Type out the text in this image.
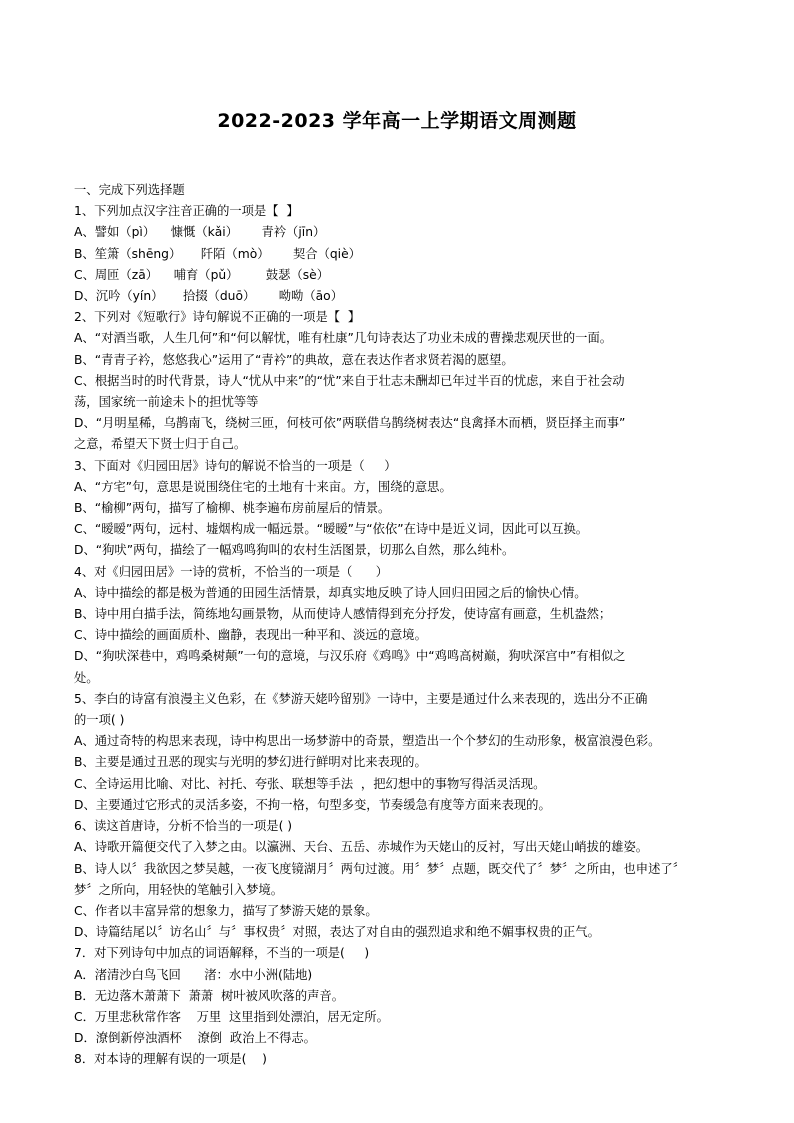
2022-2023 学年高一上学期语文周测题
一、完成下列选择题
1、下列加点汉字注音正确的一项是【  】
A、譬如（pì）    慷慨（kǎi）      青衿（jīn）
B、笙箫（shēng）     阡陌（mò）      契合（qiè）
C、周匝（zā）    哺育（pǔ）       鼓瑟（sè）
D、沉吟（yín）     拾掇（duō）      呦呦（āo）
2、下列对《短歌行》诗句解说不正确的一项是【  】
A、“对酒当歌，人生几何”和“何以解忧，唯有杜康”几句诗表达了功业未成的曹操悲观厌世的一面。
B、“青青子衿，悠悠我心”运用了“青衿”的典故，意在表达作者求贤若渴的愿望。
C、根据当时的时代背景，诗人“忧从中来”的“忧”来自于壮志未酬却已年过半百的忧虑，来自于社会动
荡，国家统一前途未卜的担忧等等
D、“月明星稀，乌鹊南飞，绕树三匝，何枝可依”两联借乌鹊绕树表达“良禽择木而栖，贤臣择主而事”
之意，希望天下贤士归于自己。
3、下面对《归园田居》诗句的解说不恰当的一项是（     ）
A、“方宅”句，意思是说围绕住宅的土地有十来亩。方，围绕的意思。
B、“榆柳”两句，描写了榆柳、桃李遍布房前屋后的情景。
C、“暧暧”两句，远村、墟烟构成一幅远景。“暧暧”与“依依”在诗中是近义词，因此可以互换。
D、“狗吠”两句，描绘了一幅鸡鸣狗叫的农村生活图景，切那么自然，那么纯朴。
4、对《归园田居》一诗的赏析，不恰当的一项是（      ）
A、诗中描绘的都是极为普通的田园生活情景，却真实地反映了诗人回归田园之后的愉快心情。
B、诗中用白描手法，简练地勾画景物，从而使诗人感情得到充分抒发，使诗富有画意，生机盎然；
C、诗中描绘的画面质朴、幽静，表现出一种平和、淡远的意境。
D、“狗吠深巷中，鸡鸣桑树颠”一句的意境，与汉乐府《鸡鸣》中“鸡鸣高树巅，狗吠深宫中”有相似之
处。
5、李白的诗富有浪漫主义色彩，在《梦游天姥吟留别》一诗中，主要是通过什么来表现的，选出分不正确
的一项( )
A、通过奇特的构思来表现，诗中构思出一场梦游中的奇景，塑造出一个个梦幻的生动形象，极富浪漫色彩。
B、主要是通过丑恶的现实与光明的梦幻进行鲜明对比来表现的。
C、全诗运用比喻、对比、衬托、夸张、联想等手法  ，把幻想中的事物写得活灵活现。
D、主要通过它形式的灵活多姿，不拘一格，句型多变，节奏缓急有度等方面来表现的。
6、读这首唐诗，分析不恰当的一项是( )
A、诗歌开篇便交代了入梦之由。以瀛洲、天台、五岳、赤城作为天姥山的反衬，写出天姥山峭拔的雄姿。
B、诗人以〞我欲因之梦吴越，一夜飞度镜湖月〞两句过渡。用〞梦〞点题，既交代了〞梦〞之所由，也申述了〞
梦〞之所向，用轻快的笔触引入梦境。
C、作者以丰富异常的想象力，描写了梦游天姥的景象。
D、诗篇结尾以〞访名山〞与〞事权贵〞对照，表达了对自由的强烈追求和绝不媚事权贵的正气。
7．对下列诗句中加点的词语解释，不当的一项是(     )
A．渚清沙白鸟飞回      渚：水中小洲(陆地)
B．无边落木萧萧下  萧萧  树叶被风吹落的声音。
C．万里悲秋常作客    万里  这里指到处漂泊，居无定所。
D．潦倒新停浊酒杯    潦倒  政治上不得志。
8．对本诗的理解有误的一项是(    )
